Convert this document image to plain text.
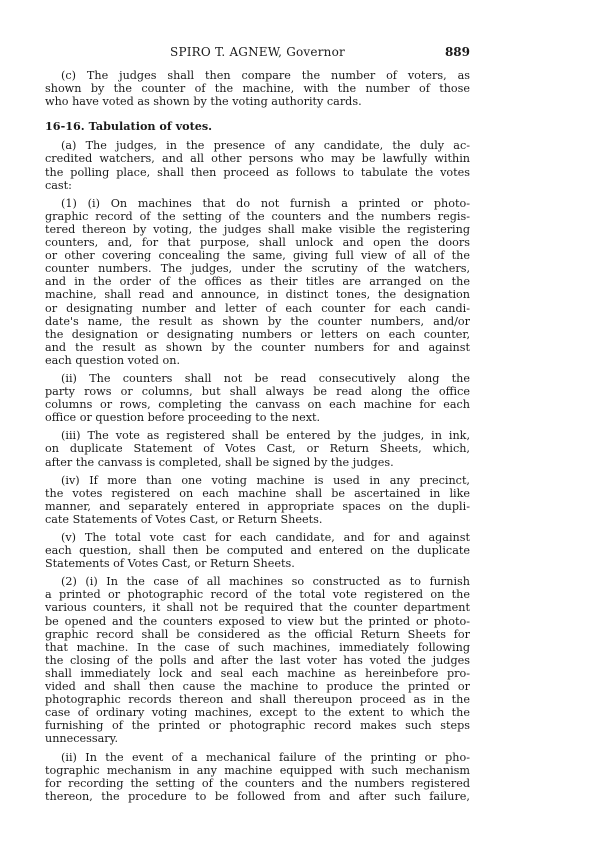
SPIRO T. AGNEW, Governor	889
(c) The judges shall then compare the number of voters, as
shown by the counter of the machine, with the number of those
who have voted as shown by the voting authority cards.
16-16. Tabulation of votes.
(a) The judges, in the presence of any candidate, the duly ac-
credited watchers, and all other persons who may be lawfully within
the polling place, shall then proceed as follows to tabulate the votes
cast:
(1) (i) On machines that do not furnish a printed or photo-
graphic record of the setting of the counters and the numbers regis-
tered thereon by voting, the judges shall make visible the registering
counters, and, for that purpose, shall unlock and open the doors
or other covering concealing the same, giving full view of all of the
counter numbers. The judges, under the scrutiny of the watchers,
and in the order of the offices as their titles are arranged on the
machine, shall read and announce, in distinct tones, the designation
or designating number and letter of each counter for each candi-
date's name, the result as shown by the counter numbers, and/or
the designation or designating numbers or letters on each counter,
and the result as shown by the counter numbers for and against
each question voted on.
(ii) The counters shall not be read consecutively along the
party rows or columns, but shall always be read along the office
columns or rows, completing the canvass on each machine for each
office or question before proceeding to the next.
(iii) The vote as registered shall be entered by the judges, in ink,
on duplicate Statement of Votes Cast, or Return Sheets, which,
after the canvass is completed, shall be signed by the judges.
(iv) If more than one voting machine is used in any precinct,
the votes registered on each machine shall be ascertained in like
manner, and separately entered in appropriate spaces on the dupli-
cate Statements of Votes Cast, or Return Sheets.
(v) The total vote cast for each candidate, and for and against
each question, shall then be computed and entered on the duplicate
Statements of Votes Cast, or Return Sheets.
(2) (i) In the case of all machines so constructed as to furnish
a printed or photographic record of the total vote registered on the
various counters, it shall not be required that the counter department
be opened and the counters exposed to view but the printed or photo-
graphic record shall be considered as the official Return Sheets for
that machine. In the case of such machines, immediately following
the closing of the polls and after the last voter has voted the judges
shall immediately lock and seal each machine as hereinbefore pro-
vided and shall then cause the machine to produce the printed or
photographic records thereon and shall thereupon proceed as in the
case of ordinary voting machines, except to the extent to which the
furnishing of the printed or photographic record makes such steps
unnecessary.
(ii) In the event of a mechanical failure of the printing or pho-
tographic mechanism in any machine equipped with such mechanism
for recording the setting of the counters and the numbers registered
thereon, the procedure to be followed from and after such failure,
